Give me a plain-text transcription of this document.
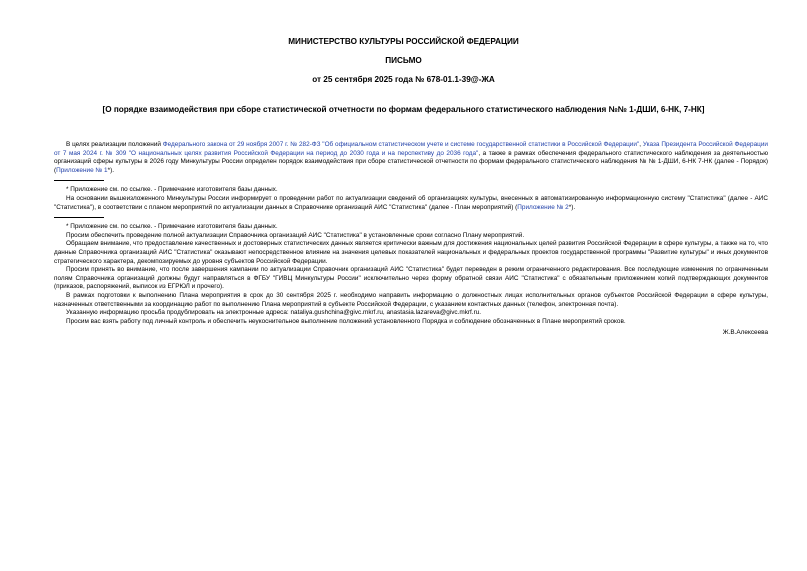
МИНИСТЕРСТВО КУЛЬТУРЫ РОССИЙСКОЙ ФЕДЕРАЦИИ
ПИСЬМО
от 25 сентября 2025 года № 678-01.1-39@-ЖА
[О порядке взаимодействия при сборе статистической отчетности по формам федерального статистического наблюдения №№ 1-ДШИ, 6-НК, 7-НК]

В целях реализации положений Федерального закона от 29 ноября 2007 г. № 282-ФЗ "Об официальном статистическом учете и системе государственной статистики в Российской Федерации", Указа Президента Российской Федерации от 7 мая 2024 г. № 309 "О национальных целях развития Российской Федерации на период до 2030 года и на перспективу до 2036 года", а также в рамках обеспечения федерального статистического наблюдения за деятельностью организаций сферы культуры в 2026 году Минкультуры России определен порядок взаимодействия при сборе статистической отчетности по формам федерального статистического наблюдения № № 1-ДШИ, 6-НК 7-НК (далее - Порядок) (Приложение № 1*).

* Приложение см. по ссылке. - Примечание изготовителя базы данных.

На основании вышеизложенного Минкультуры России информирует о проведении работ по актуализации сведений об организациях культуры, внесенных в автоматизированную информационную систему "Статистика" (далее - АИС "Статистика"), в соответствии с планом мероприятий по актуализации данных в Справочнике организаций АИС "Статистика" (далее - План мероприятий) (Приложение № 2*).

* Приложение см. по ссылке. - Примечание изготовителя базы данных.

Просим обеспечить проведение полной актуализации Справочника организаций АИС "Статистика" в установленные сроки согласно Плану мероприятий.

Обращаем внимание, что предоставление качественных и достоверных статистических данных является критически важным для достижения национальных целей развития Российской Федерации в сфере культуры, а также на то, что данные Справочника организаций АИС "Статистика" оказывают непосредственное влияние на значения целевых показателей национальных и федеральных проектов государственной программы "Развитие культуры" и иных документов стратегического характера, декомпозируемых до уровня субъектов Российской Федерации.

Просим принять во внимание, что после завершения кампании по актуализации Справочник организаций АИС "Статистика" будет переведен в режим ограниченного редактирования. Все последующие изменения по ограниченным полям Справочника организаций должны будут направляться в ФГБУ "ГИВЦ Минкультуры России" исключительно через форму обратной связи АИС "Статистика" с обязательным приложением копий подтверждающих документов (приказов, распоряжений, выписок из ЕГРЮЛ и прочего).

В рамках подготовки к выполнению Плана мероприятия в срок до 30 сентября 2025 г. необходимо направить информацию о должностных лицах исполнительных органов субъектов Российской Федерации в сфере культуры, назначенных ответственными за координацию работ по выполнению Плана мероприятий в субъекте Российской Федерации, с указанием контактных данных (телефон, электронная почта).

Указанную информацию просьба продублировать на электронные адреса: nataliya.gushchina@givc.mkrf.ru, anastasia.lazareva@givc.mkrf.ru.

Просим вас взять работу под личный контроль и обеспечить неукоснительное выполнение положений установленного Порядка и соблюдение обозначенных в Плане мероприятий сроков.

Ж.В.Алексеева
